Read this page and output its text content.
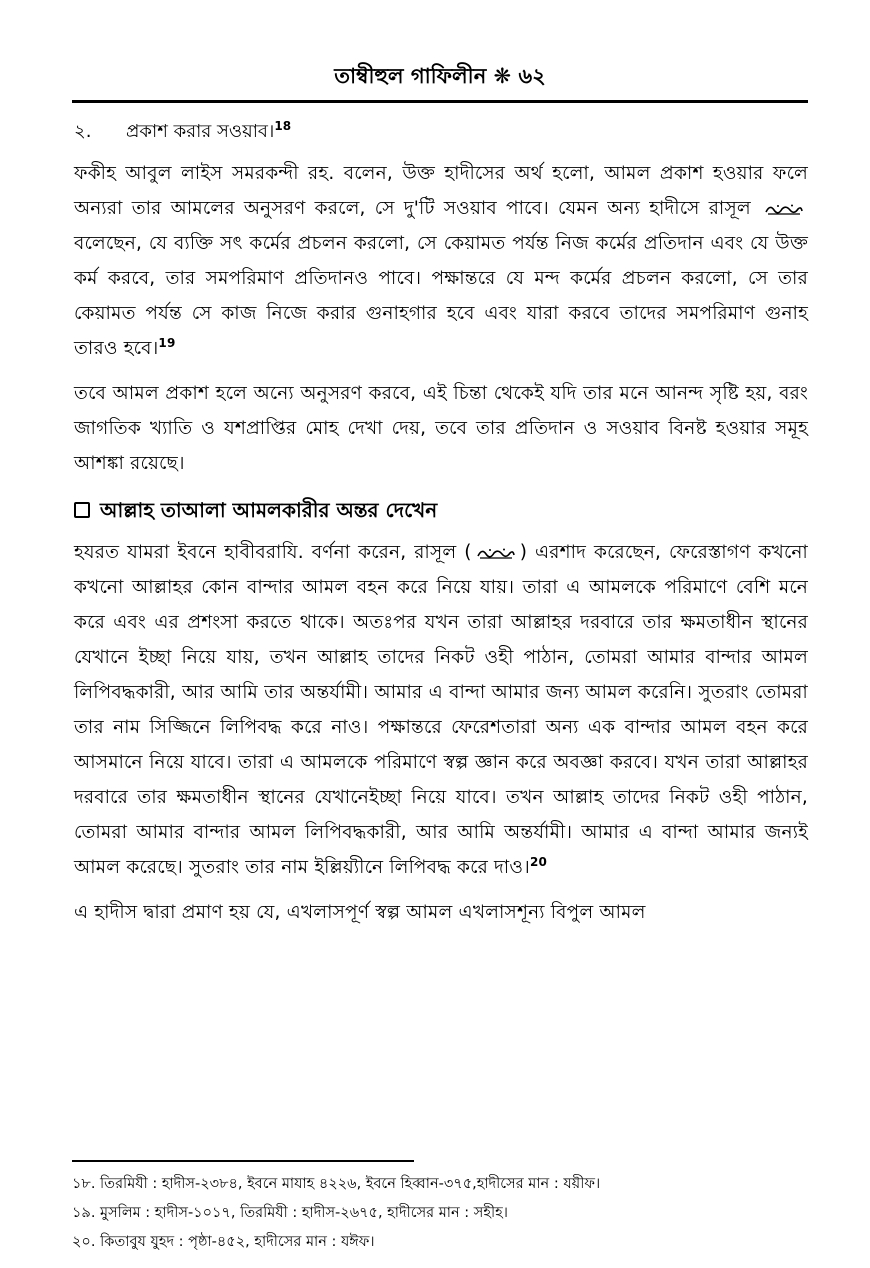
তাম্বীহুল গাফিলীন ❋ ৬২
২. প্রকাশ করার সওয়াব।$^{18}$

ফকীহ আবুল লাইস সমরকন্দী রহ. বলেন, উক্ত হাদীসের অর্থ হলো, আমল প্রকাশ হওয়ার ফলে অন্যরা তার আমলের অনুসরণ করলে, সে দু'টি সওয়াব পাবে। যেমন অন্য হাদীসে রাসূল
বলেছেন, যে ব্যক্তি সৎ কর্মের প্রচলন করলো, সে কেয়ামত পর্যন্ত নিজ কর্মের প্রতিদান এবং যে উক্ত কর্ম করবে, তার সমপরিমাণ প্রতিদানও পাবে। পক্ষান্তরে যে মন্দ কর্মের প্রচলন করলো, সে তার কেয়ামত পর্যন্ত সে কাজ নিজে করার গুনাহগার হবে এবং যারা করবে তাদের সমপরিমাণ গুনাহ তারও হবে।$^{19}$

তবে আমল প্রকাশ হলে অন্যে অনুসরণ করবে, এই চিন্তা থেকেই যদি তার মনে আনন্দ সৃষ্টি হয়, বরং জাগতিক খ্যাতি ও যশপ্রাপ্তির মোহ দেখা দেয়, তবে তার প্রতিদান ও সওয়াব বিনষ্ট হওয়ার সমূহ আশঙ্কা রয়েছে।

আল্লাহ তাআলা আমলকারীর অন্তর দেখেন

হযরত যামরা ইবনে হাবীবরাযি. বর্ণনা করেন, রাসূল (	) এরশাদ করেছেন, ফেরেস্তাগণ কখনো কখনো আল্লাহর কোন বান্দার আমল বহন করে নিয়ে যায়। তারা এ আমলকে পরিমাণে বেশি মনে করে এবং এর প্রশংসা করতে থাকে। অতঃপর যখন তারা আল্লাহর দরবারে তার ক্ষমতাধীন স্থানের যেখানে ইচ্ছা নিয়ে যায়, তখন আল্লাহ তাদের নিকট ওহী পাঠান, তোমরা আমার বান্দার আমল লিপিবদ্ধকারী, আর আমি তার অন্তর্যামী। আমার এ বান্দা আমার জন্য আমল করেনি। সুতরাং তোমরা তার নাম সিজ্জিনে লিপিবদ্ধ করে নাও। পক্ষান্তরে ফেরেশতারা অন্য এক বান্দার আমল বহন করে আসমানে নিয়ে যাবে। তারা এ আমলকে পরিমাণে স্বল্প জ্ঞান করে অবজ্ঞা করবে। যখন তারা আল্লাহর দরবারে তার ক্ষমতাধীন স্থানের যেখানেইচ্ছা নিয়ে যাবে। তখন আল্লাহ তাদের নিকট ওহী পাঠান, তোমরা আমার বান্দার আমল লিপিবদ্ধকারী, আর আমি অন্তর্যামী। আমার এ বান্দা আমার জন্যই আমল করেছে। সুতরাং তার নাম ইল্লিয়্যীনে লিপিবদ্ধ করে দাও।$^{20}$

এ হাদীস দ্বারা প্রমাণ হয় যে, এখলাসপূর্ণ স্বল্প আমল এখলাসশূন্য বিপুল আমল

১৮. তিরমিযী : হাদীস-২৩৮৪, ইবনে মাযাহ ৪২২৬, ইবনে হিব্বান-৩৭৫,হাদীসের মান : যয়ীফ।

১৯. মুসলিম : হাদীস-১০১৭, তিরমিযী : হাদীস-২৬৭৫, হাদীসের মান : সহীহ।

২০. কিতাবুয যুহদ : পৃষ্ঠা-৪৫২, হাদীসের মান : যঈফ।
